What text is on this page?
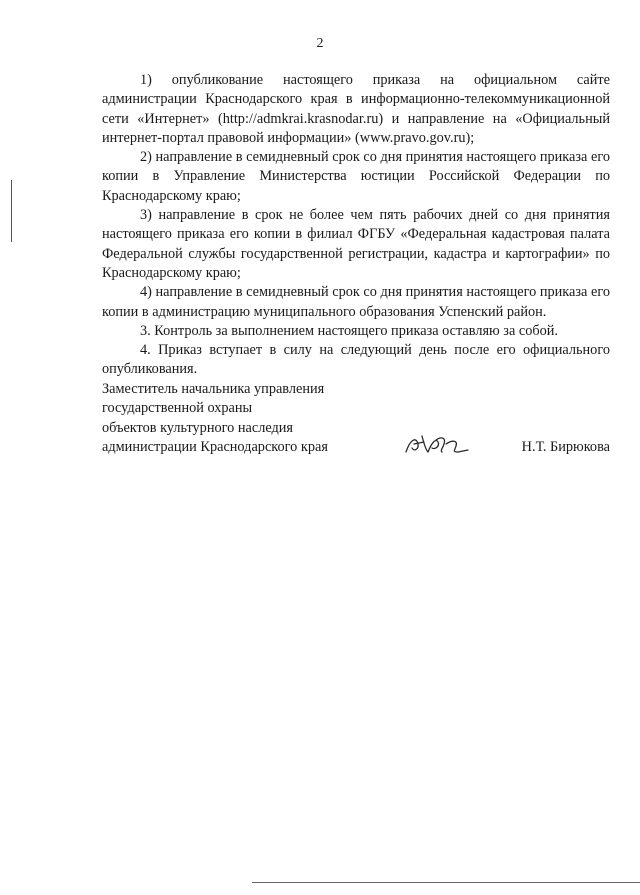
2

1) опубликование настоящего приказа на официальном сайте администрации Краснодарского края в информационно-телекоммуникационной сети «Интернет» (http://admkrai.krasnodar.ru) и направление на «Официальный интернет-портал правовой информации» (www.pravo.gov.ru);

2) направление в семидневный срок со дня принятия настоящего приказа его копии в Управление Министерства юстиции Российской Федерации по Краснодарскому краю;

3) направление в срок не более чем пять рабочих дней со дня принятия настоящего приказа его копии в филиал ФГБУ «Федеральная кадастровая палата Федеральной службы государственной регистрации, кадастра и картографии» по Краснодарскому краю;

4) направление в семидневный срок со дня принятия настоящего приказа его копии в администрацию муниципального образования Успенский район.

3. Контроль за выполнением настоящего приказа оставляю за собой.

4. Приказ вступает в силу на следующий день после его официального опубликования.

Заместитель начальника управления

государственной охраны

объектов культурного наследия

администрации Краснодарского края	Н.Т. Бирюкова
